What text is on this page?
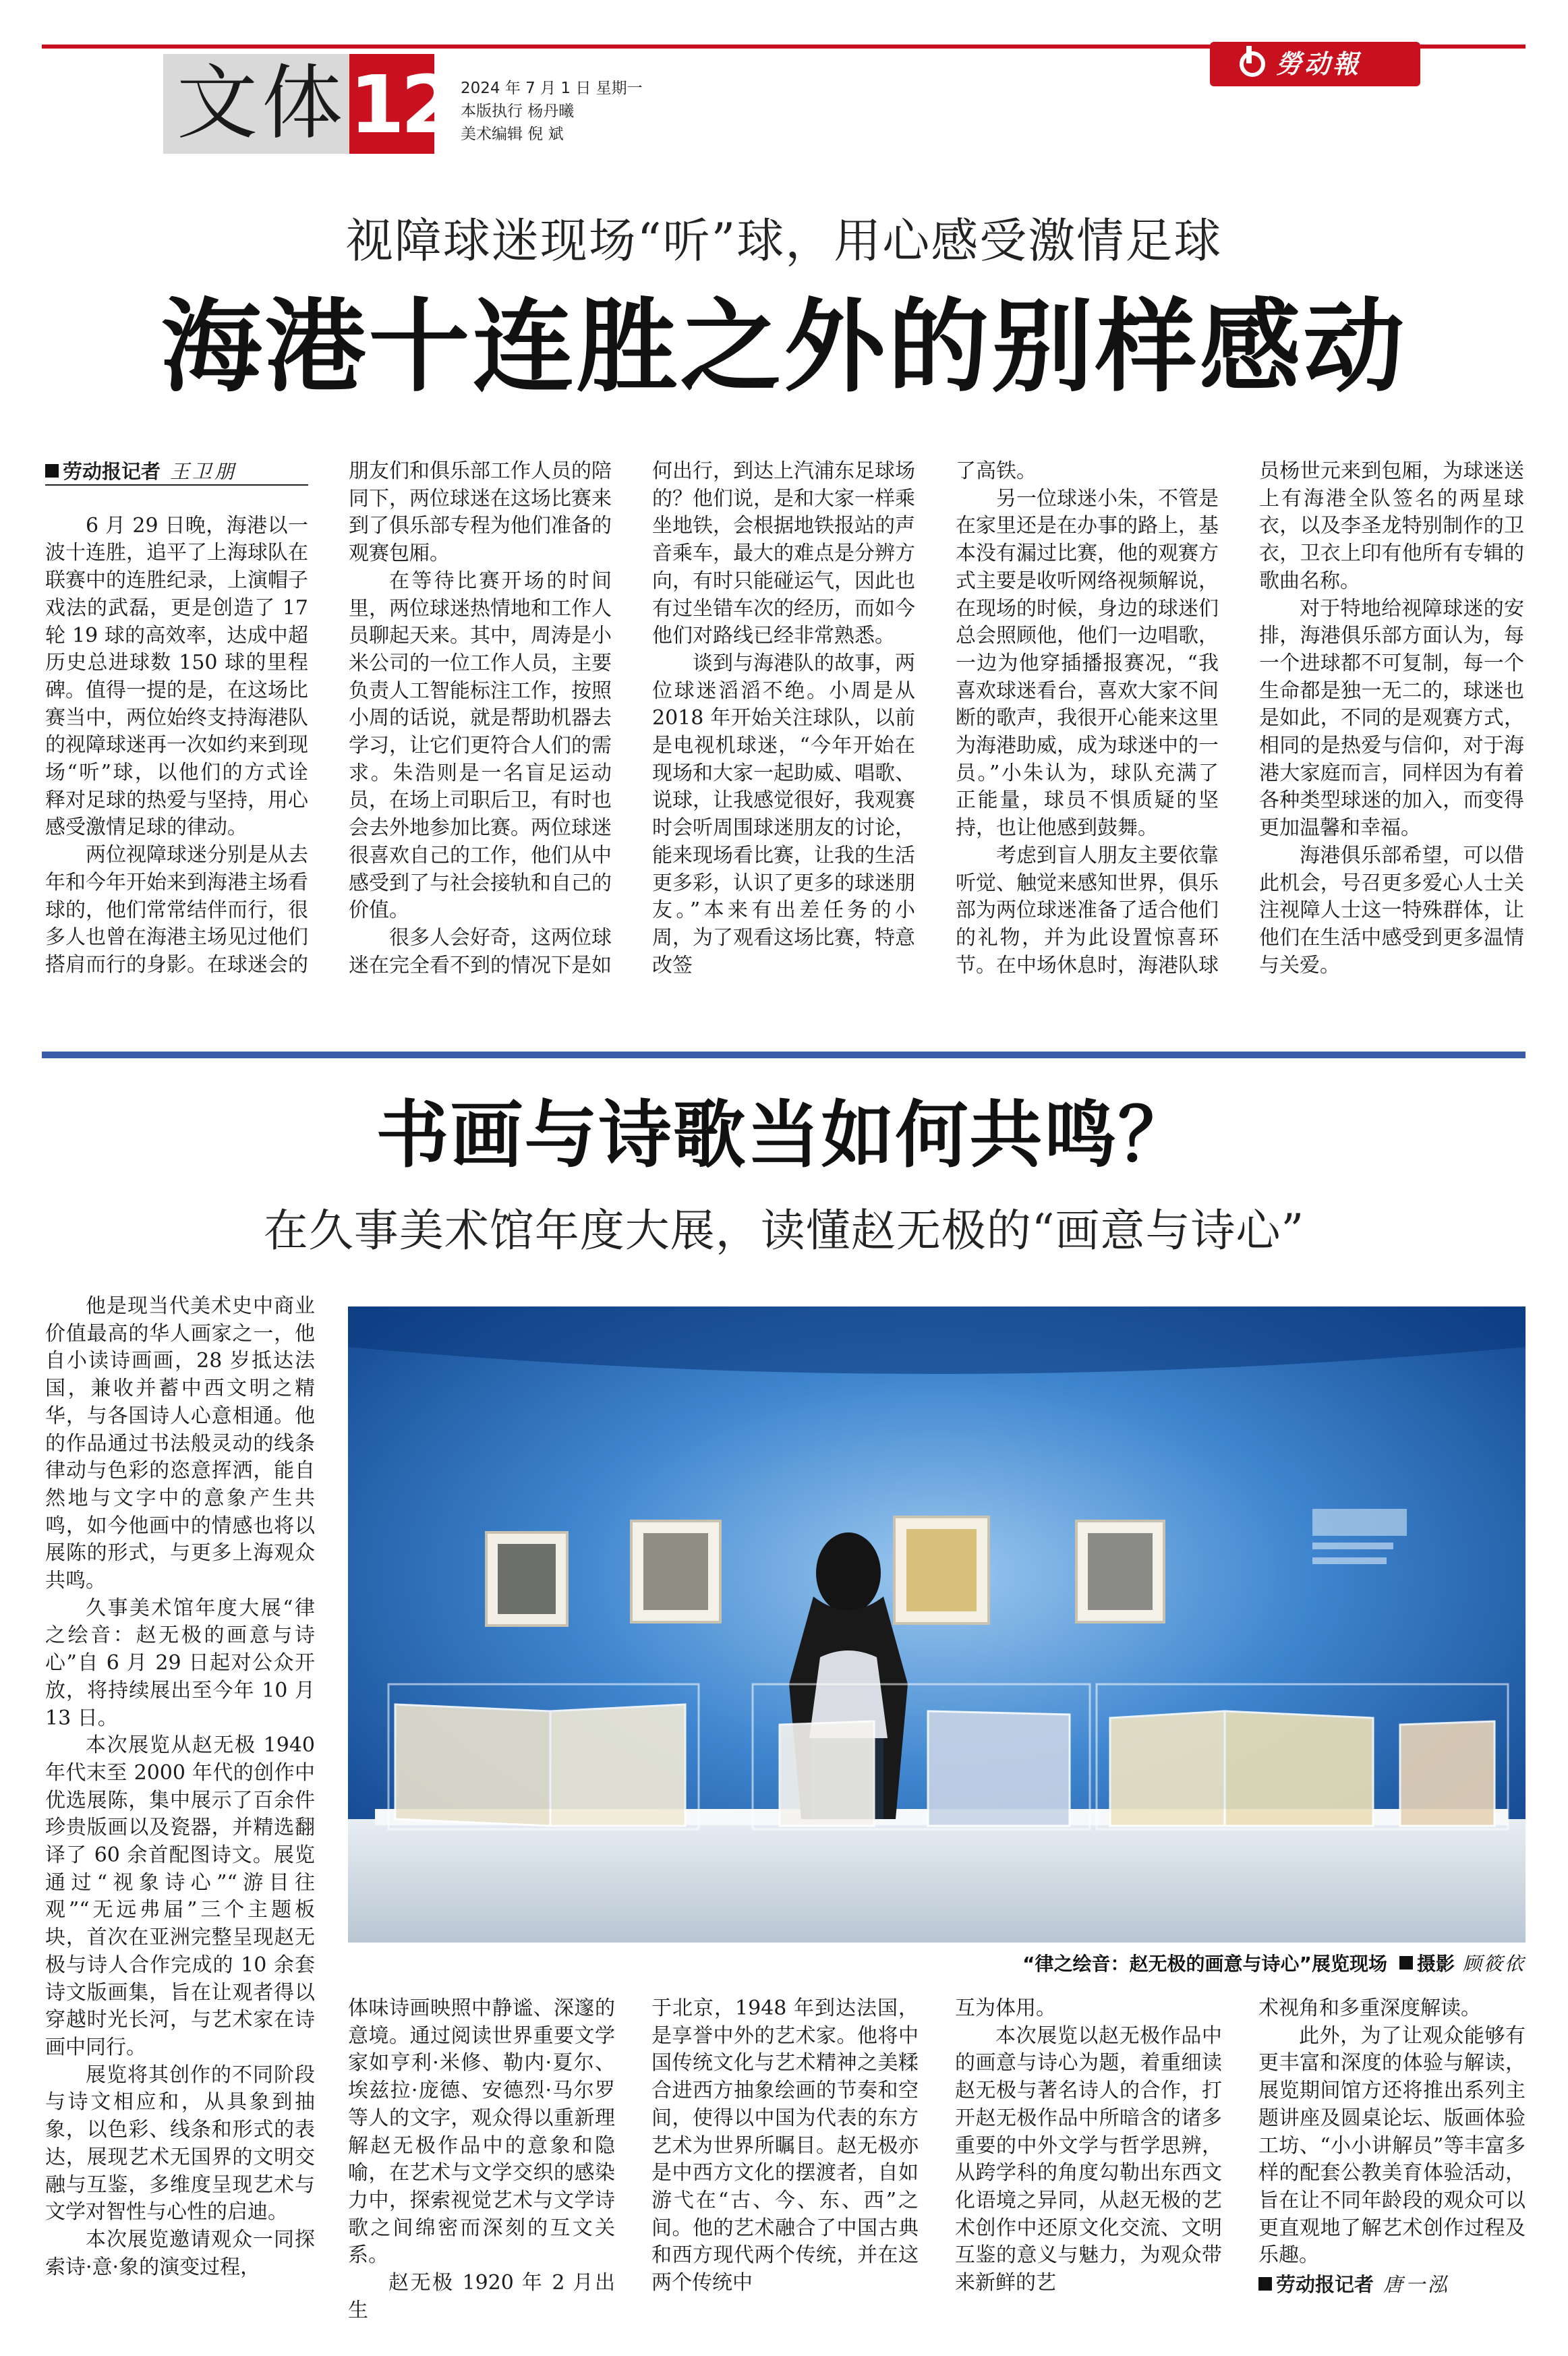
文体 12 2024 年 7 月 1 日 星期一
本版执行 杨丹曦
美术编辑 倪 斌
勞动報
视障球迷现场“听”球，用心感受激情足球
海港十连胜之外的别样感动
劳动报记者 王卫朋

6 月 29 日晚，海港以一波十连胜，追平了上海球队在联赛中的连胜纪录，上演帽子戏法的武磊，更是创造了 17 轮 19 球的高效率，达成中超历史总进球数 150 球的里程碑。值得一提的是，在这场比赛当中，两位始终支持海港队的视障球迷再一次如约来到现场“听”球，以他们的方式诠释对足球的热爱与坚持，用心感受激情足球的律动。

两位视障球迷分别是从去年和今年开始来到海港主场看球的，他们常常结伴而行，很多人也曾在海港主场见过他们搭肩而行的身影。在球迷会的

朋友们和俱乐部工作人员的陪同下，两位球迷在这场比赛来到了俱乐部专程为他们准备的观赛包厢。

在等待比赛开场的时间里，两位球迷热情地和工作人员聊起天来。其中，周涛是小米公司的一位工作人员，主要负责人工智能标注工作，按照小周的话说，就是帮助机器去学习，让它们更符合人们的需求。朱浩则是一名盲足运动员，在场上司职后卫，有时也会去外地参加比赛。两位球迷很喜欢自己的工作，他们从中感受到了与社会接轨和自己的价值。

很多人会好奇，这两位球迷在完全看不到的情况下是如

何出行，到达上汽浦东足球场的？他们说，是和大家一样乘坐地铁，会根据地铁报站的声音乘车，最大的难点是分辨方向，有时只能碰运气，因此也有过坐错车次的经历，而如今他们对路线已经非常熟悉。

谈到与海港队的故事，两位球迷滔滔不绝。小周是从 2018 年开始关注球队，以前是电视机球迷，“今年开始在现场和大家一起助威、唱歌、说球，让我感觉很好，我观赛时会听周围球迷朋友的讨论，能来现场看比赛，让我的生活更多彩，认识了更多的球迷朋友。”本来有出差任务的小周，为了观看这场比赛，特意改签

了高铁。

另一位球迷小朱，不管是在家里还是在办事的路上，基本没有漏过比赛，他的观赛方式主要是收听网络视频解说，在现场的时候，身边的球迷们总会照顾他，他们一边唱歌，一边为他穿插播报赛况，“我喜欢球迷看台，喜欢大家不间断的歌声，我很开心能来这里为海港助威，成为球迷中的一员。”小朱认为，球队充满了正能量，球员不惧质疑的坚持，也让他感到鼓舞。

考虑到盲人朋友主要依靠听觉、触觉来感知世界，俱乐部为两位球迷准备了适合他们的礼物，并为此设置惊喜环节。在中场休息时，海港队球

员杨世元来到包厢，为球迷送上有海港全队签名的两星球衣，以及李圣龙特别制作的卫衣，卫衣上印有他所有专辑的歌曲名称。

对于特地给视障球迷的安排，海港俱乐部方面认为，每一个进球都不可复制，每一个生命都是独一无二的，球迷也是如此，不同的是观赛方式，相同的是热爱与信仰，对于海港大家庭而言，同样因为有着各种类型球迷的加入，而变得更加温馨和幸福。

海港俱乐部希望，可以借此机会，号召更多爱心人士关注视障人士这一特殊群体，让他们在生活中感受到更多温情与关爱。

书画与诗歌当如何共鸣？
在久事美术馆年度大展，读懂赵无极的“画意与诗心”

他是现当代美术史中商业价值最高的华人画家之一，他自小读诗画画，28 岁抵达法国，兼收并蓄中西文明之精华，与各国诗人心意相通。他的作品通过书法般灵动的线条律动与色彩的恣意挥洒，能自然地与文字中的意象产生共鸣，如今他画中的情感也将以展陈的形式，与更多上海观众共鸣。

久事美术馆年度大展“律之绘音：赵无极的画意与诗心”自 6 月 29 日起对公众开放，将持续展出至今年 10 月 13 日。

本次展览从赵无极 1940 年代末至 2000 年代的创作中优选展陈，集中展示了百余件珍贵版画以及瓷器，并精选翻译了 60 余首配图诗文。展览通过“视象诗心”“游目往观”“无远弗届”三个主题板块，首次在亚洲完整呈现赵无极与诗人合作完成的 10 余套诗文版画集，旨在让观者得以穿越时光长河，与艺术家在诗画中同行。

展览将其创作的不同阶段与诗文相应和，从具象到抽象，以色彩、线条和形式的表达，展现艺术无国界的文明交融与互鉴，多维度呈现艺术与文学对智性与心性的启迪。

本次展览邀请观众一同探索诗·意·象的演变过程，

“律之绘音：赵无极的画意与诗心”展览现场 摄影 顾筱依

体味诗画映照中静谧、深邃的意境。通过阅读世界重要文学家如亨利·米修、勒内·夏尔、埃兹拉·庞德、安德烈·马尔罗等人的文字，观众得以重新理解赵无极作品中的意象和隐喻，在艺术与文学交织的感染力中，探索视觉艺术与文学诗歌之间绵密而深刻的互文关系。

赵无极 1920 年 2 月出生

于北京，1948 年到达法国，是享誉中外的艺术家。他将中国传统文化与艺术精神之美糅合进西方抽象绘画的节奏和空间，使得以中国为代表的东方艺术为世界所瞩目。赵无极亦是中西方文化的摆渡者，自如游弋在“古、今、东、西”之间。他的艺术融合了中国古典和西方现代两个传统，并在这两个传统中

互为体用。

本次展览以赵无极作品中的画意与诗心为题，着重细读赵无极与著名诗人的合作，打开赵无极作品中所暗含的诸多重要的中外文学与哲学思辨，从跨学科的角度勾勒出东西文化语境之异同，从赵无极的艺术创作中还原文化交流、文明互鉴的意义与魅力，为观众带来新鲜的艺

术视角和多重深度解读。

此外，为了让观众能够有更丰富和深度的体验与解读，展览期间馆方还将推出系列主题讲座及圆桌论坛、版画体验工坊、“小小讲解员”等丰富多样的配套公教美育体验活动，旨在让不同年龄段的观众可以更直观地了解艺术创作过程及乐趣。

劳动报记者 唐一泓
